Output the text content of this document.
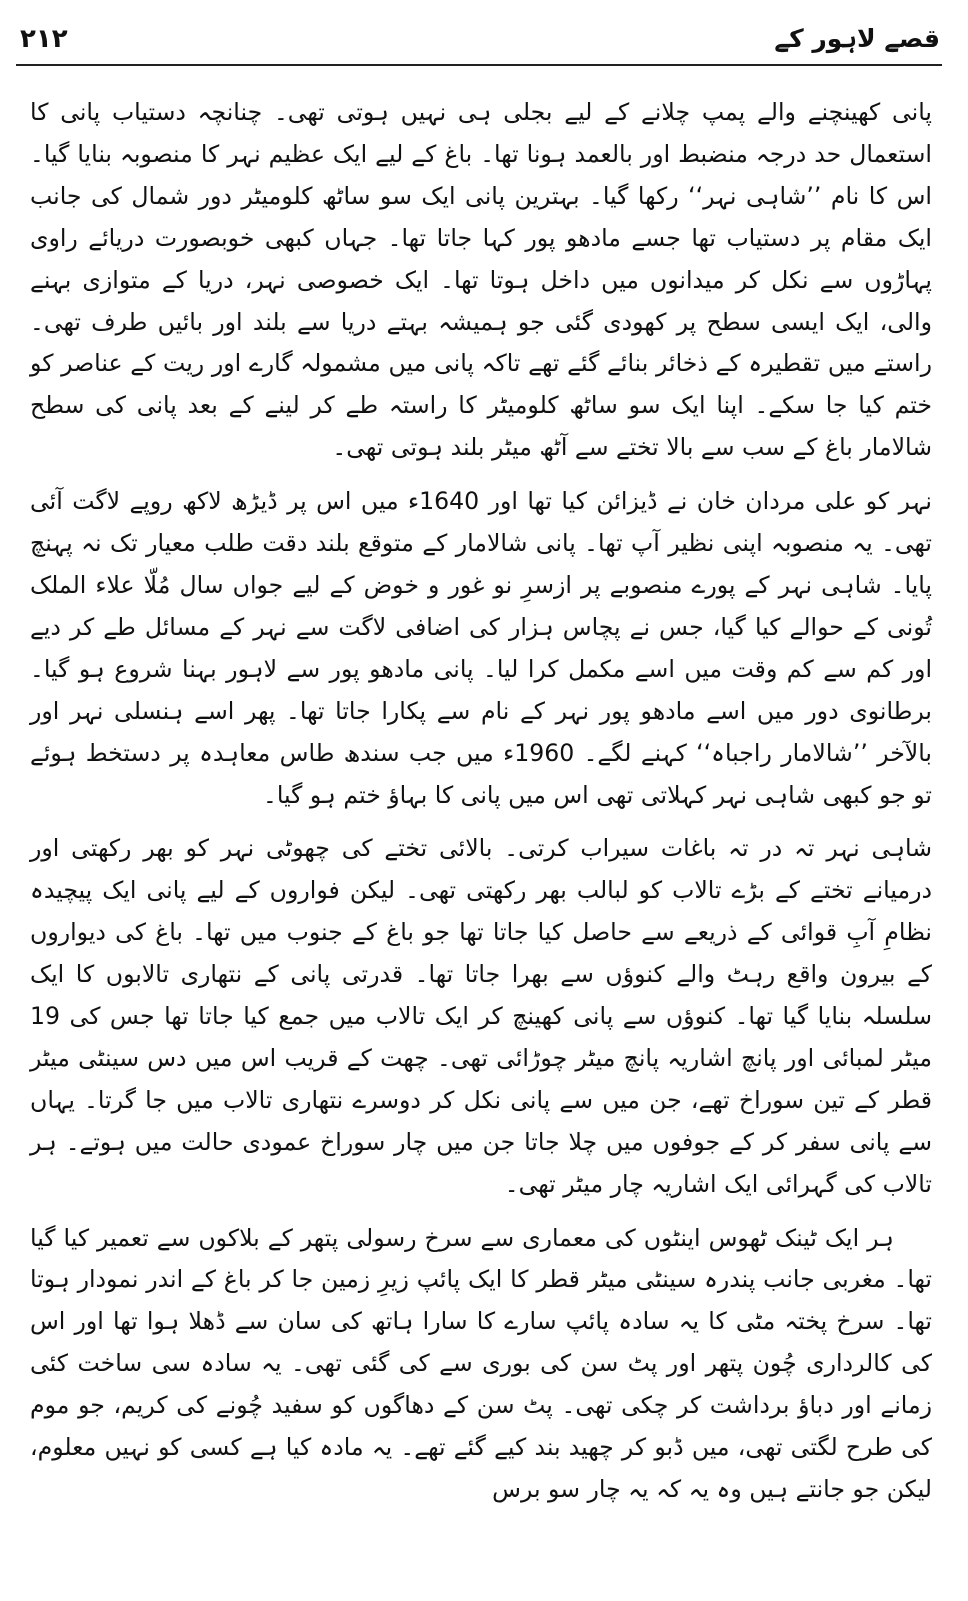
۲۱۲	قصے لاہور کے

پانی کھینچنے والے پمپ چلانے کے لیے بجلی ہی نہیں ہوتی تھی۔ چنانچہ دستیاب پانی کا استعمال حد درجہ منضبط اور بالعمد ہونا تھا۔ باغ کے لیے ایک عظیم نہر کا منصوبہ بنایا گیا۔ اس کا نام ’’شاہی نہر‘‘ رکھا گیا۔ بہترین پانی ایک سو ساٹھ کلومیٹر دور شمال کی جانب ایک مقام پر دستیاب تھا جسے مادھو پور کہا جاتا تھا۔ جہاں کبھی خوبصورت دریائے راوی پہاڑوں سے نکل کر میدانوں میں داخل ہوتا تھا۔ ایک خصوصی نہر، دریا کے متوازی بہنے والی، ایک ایسی سطح پر کھودی گئی جو ہمیشہ بہتے دریا سے بلند اور بائیں طرف تھی۔ راستے میں تقطیرہ کے ذخائر بنائے گئے تھے تاکہ پانی میں مشمولہ گارے اور ریت کے عناصر کو ختم کیا جا سکے۔ اپنا ایک سو ساٹھ کلومیٹر کا راستہ طے کر لینے کے بعد پانی کی سطح شالامار باغ کے سب سے بالا تختے سے آٹھ میٹر بلند ہوتی تھی۔

نہر کو علی مردان خان نے ڈیزائن کیا تھا اور 1640ء میں اس پر ڈیڑھ لاکھ روپے لاگت آئی تھی۔ یہ منصوبہ اپنی نظیر آپ تھا۔ پانی شالامار کے متوقع بلند دقت طلب معیار تک نہ پہنچ پایا۔ شاہی نہر کے پورے منصوبے پر ازسرِ نو غور و خوض کے لیے جواں سال مُلّا علاء الملک تُونی کے حوالے کیا گیا، جس نے پچاس ہزار کی اضافی لاگت سے نہر کے مسائل طے کر دیے اور کم سے کم وقت میں اسے مکمل کرا لیا۔ پانی مادھو پور سے لاہور بہنا شروع ہو گیا۔ برطانوی دور میں اسے مادھو پور نہر کے نام سے پکارا جاتا تھا۔ پھر اسے ہنسلی نہر اور بالآخر ’’شالامار راجباہ‘‘ کہنے لگے۔ 1960ء میں جب سندھ طاس معاہدہ پر دستخط ہوئے تو جو کبھی شاہی نہر کہلاتی تھی اس میں پانی کا بہاؤ ختم ہو گیا۔

شاہی نہر تہ در تہ باغات سیراب کرتی۔ بالائی تختے کی چھوٹی نہر کو بھر رکھتی اور درمیانے تختے کے بڑے تالاب کو لبالب بھر رکھتی تھی۔ لیکن فواروں کے لیے پانی ایک پیچیدہ نظامِ آبِ قوائی کے ذریعے سے حاصل کیا جاتا تھا جو باغ کے جنوب میں تھا۔ باغ کی دیواروں کے بیرون واقع رہٹ والے کنوؤں سے بھرا جاتا تھا۔ قدرتی پانی کے نتھاری تالابوں کا ایک سلسلہ بنایا گیا تھا۔ کنوؤں سے پانی کھینچ کر ایک تالاب میں جمع کیا جاتا تھا جس کی 19 میٹر لمبائی اور پانچ اشاریہ پانچ میٹر چوڑائی تھی۔ چھت کے قریب اس میں دس سینٹی میٹر قطر کے تین سوراخ تھے، جن میں سے پانی نکل کر دوسرے نتھاری تالاب میں جا گرتا۔ یہاں سے پانی سفر کر کے جوفوں میں چلا جاتا جن میں چار سوراخ عمودی حالت میں ہوتے۔ ہر تالاب کی گہرائی ایک اشاریہ چار میٹر تھی۔

ہر ایک ٹینک ٹھوس اینٹوں کی معماری سے سرخ رسولی پتھر کے بلاکوں سے تعمیر کیا گیا تھا۔ مغربی جانب پندرہ سینٹی میٹر قطر کا ایک پائپ زیرِ زمین جا کر باغ کے اندر نمودار ہوتا تھا۔ سرخ پختہ مٹی کا یہ سادہ پائپ سارے کا سارا ہاتھ کی سان سے ڈھلا ہوا تھا اور اس کی کالرداری چُون پتھر اور پٹ سن کی بوری سے کی گئی تھی۔ یہ سادہ سی ساخت کئی زمانے اور دباؤ برداشت کر چکی تھی۔ پٹ سن کے دھاگوں کو سفید چُونے کی کریم، جو موم کی طرح لگتی تھی، میں ڈبو کر چھید بند کیے گئے تھے۔ یہ مادہ کیا ہے کسی کو نہیں معلوم، لیکن جو جانتے ہیں وہ یہ کہ یہ چار سو برس
